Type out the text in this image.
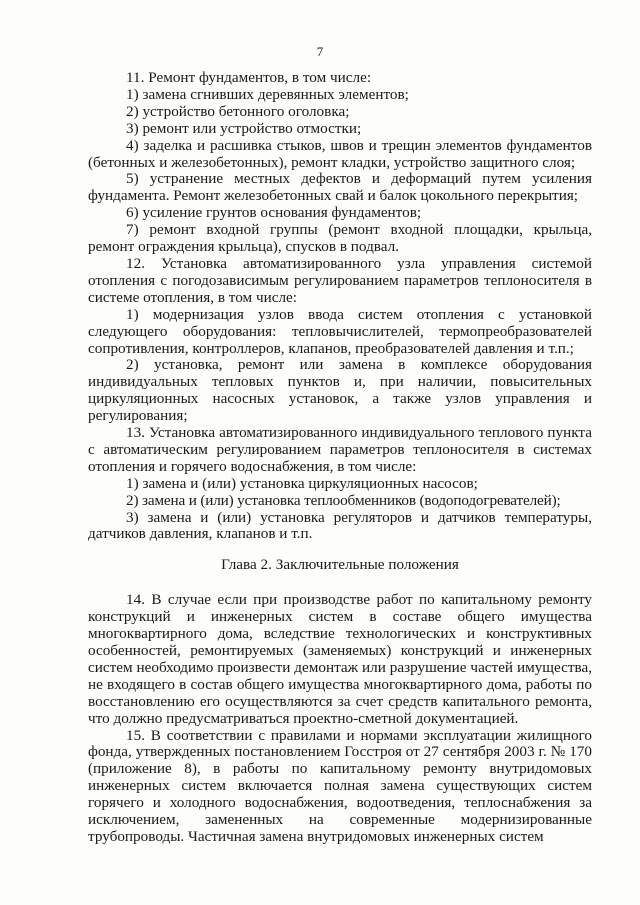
7

11. Ремонт фундаментов, в том числе:

1) замена сгнивших деревянных элементов;

2) устройство бетонного оголовка;

3) ремонт или устройство отмостки;

4) заделка и расшивка стыков, швов и трещин элементов фундаментов (бетонных и железобетонных), ремонт кладки, устройство защитного слоя;

5) устранение местных дефектов и деформаций путем усиления фундамента. Ремонт железобетонных свай и балок цокольного перекрытия;

6) усиление грунтов основания фундаментов;

7) ремонт входной группы (ремонт входной площадки, крыльца, ремонт ограждения крыльца), спусков в подвал.

12. Установка автоматизированного узла управления системой отопления с погодозависимым регулированием параметров теплоносителя в системе отопления, в том числе:

1) модернизация узлов ввода систем отопления с установкой следующего оборудования: тепловычислителей, термопреобразователей сопротивления, контроллеров, клапанов, преобразователей давления и т.п.;

2) установка, ремонт или замена в комплексе оборудования индивидуальных тепловых пунктов и, при наличии, повысительных циркуляционных насосных установок, а также узлов управления и регулирования;

13. Установка автоматизированного индивидуального теплового пункта с автоматическим регулированием параметров теплоносителя в системах отопления и горячего водоснабжения, в том числе:

1) замена и (или) установка циркуляционных насосов;

2) замена и (или) установка теплообменников (водоподогревателей);

3) замена и (или) установка регуляторов и датчиков температуры, датчиков давления, клапанов и т.п.

Глава 2. Заключительные положения

14. В случае если при производстве работ по капитальному ремонту конструкций и инженерных систем в составе общего имущества многоквартирного дома, вследствие технологических и конструктивных особенностей, ремонтируемых (заменяемых) конструкций и инженерных систем необходимо произвести демонтаж или разрушение частей имущества, не входящего в состав общего имущества многоквартирного дома, работы по восстановлению его осуществляются за счет средств капитального ремонта, что должно предусматриваться проектно-сметной документацией.

15. В соответствии с правилами и нормами эксплуатации жилищного фонда, утвержденных постановлением Госстроя от 27 сентября 2003 г. № 170 (приложение 8), в работы по капитальному ремонту внутридомовых инженерных систем включается полная замена существующих систем горячего и холодного водоснабжения, водоотведения, теплоснабжения за исключением, замененных на современные модернизированные трубопроводы. Частичная замена внутридомовых инженерных систем
